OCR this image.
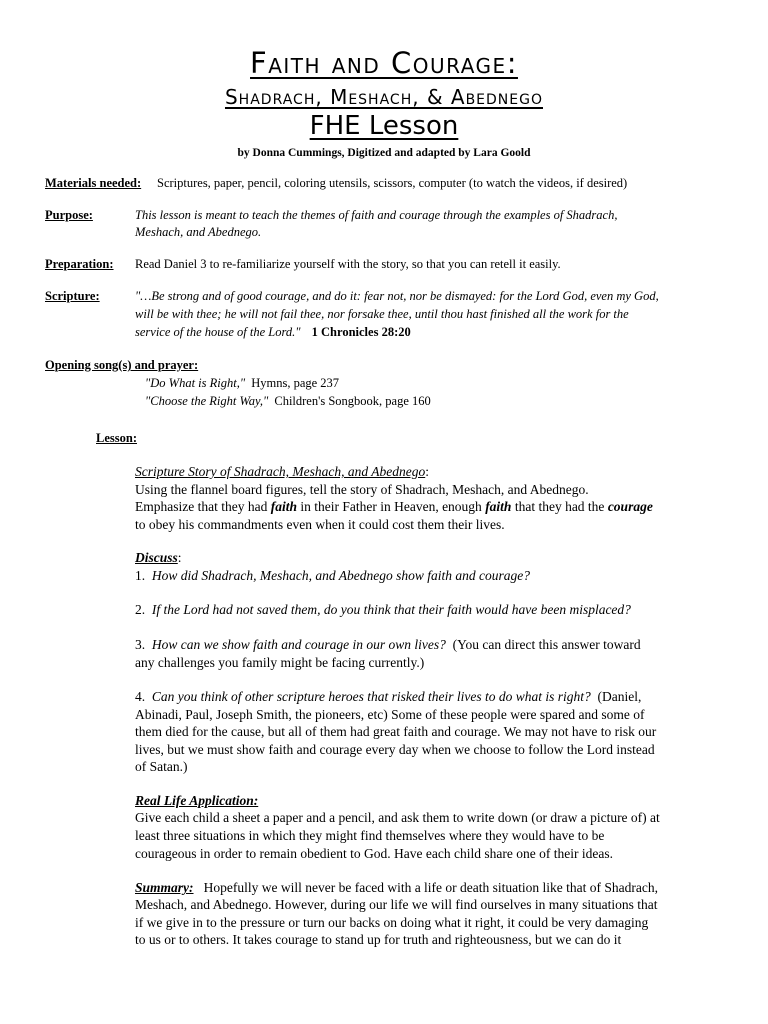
Faith and Courage:
Shadrach, Meshach, & Abednego
FHE Lesson
by Donna Cummings, Digitized and adapted by Lara Goold
Materials needed: Scriptures, paper, pencil, coloring utensils, scissors, computer (to watch the videos, if desired)
Purpose:	This lesson is meant to teach the themes of faith and courage through the examples of Shadrach,
Meshach, and Abednego.
Preparation: Read Daniel 3 to re-familiarize yourself with the story, so that you can retell it easily.
Scripture:	"…Be strong and of good courage, and do it: fear not, nor be dismayed: for the Lord God, even my God,
will be with thee; he will not fail thee, nor forsake thee, until thou hast finished all the work for the
service of the house of the Lord." 1 Chronicles 28:20
Opening song(s) and prayer:
"Do What is Right," Hymns, page 237
"Choose the Right Way," Children's Songbook, page 160
Lesson:
Scripture Story of Shadrach, Meshach, and Abednego:
Using the flannel board figures, tell the story of Shadrach, Meshach, and Abednego.
Emphasize that they had faith in their Father in Heaven, enough faith that they had the courage
to obey his commandments even when it could cost them their lives.
Discuss:
1. How did Shadrach, Meshach, and Abednego show faith and courage?
2. If the Lord had not saved them, do you think that their faith would have been misplaced?
3. How can we show faith and courage in our own lives? (You can direct this answer toward
any challenges you family might be facing currently.)
4. Can you think of other scripture heroes that risked their lives to do what is right? (Daniel,
Abinadi, Paul, Joseph Smith, the pioneers, etc) Some of these people were spared and some of
them died for the cause, but all of them had great faith and courage. We may not have to risk our
lives, but we must show faith and courage every day when we choose to follow the Lord instead
of Satan.)
Real Life Application:
Give each child a sheet a paper and a pencil, and ask them to write down (or draw a picture of) at
least three situations in which they might find themselves where they would have to be
courageous in order to remain obedient to God. Have each child share one of their ideas.
Summary: Hopefully we will never be faced with a life or death situation like that of Shadrach,
Meshach, and Abednego. However, during our life we will find ourselves in many situations that
if we give in to the pressure or turn our backs on doing what it right, it could be very damaging
to us or to others. It takes courage to stand up for truth and righteousness, but we can do it
